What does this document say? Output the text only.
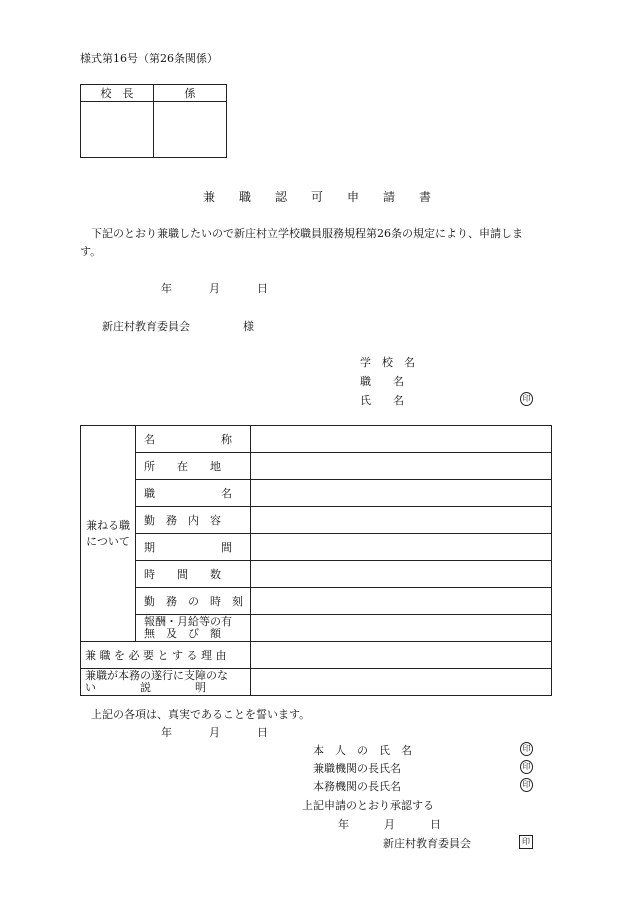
様式第16号（第26条関係）
校　長	係

兼　　職　　認　　可　　申　　請　　書
下記のとおり兼職したいので新庄村立学校職員服務規程第26条の規定により、申請しま
す。
年	月	日
新庄村教育委員会	様
学　校　名
職　　名
氏　　名	印
兼ねる職
について	名　　　　　　称	
	所　　在　　地	
	職　　　　　　名	
	勤　務　内　容	
	期　　　　　　間	
	時　　間　　数	
	勤　務　の　時　刻	

	報酬・月給等の有
無　及　び　額	

兼 職 を 必 要 と す る 理 由		

兼職が本務の遂行に支障のな
い　　　　説　　　　明		

上記の各項は、真実であることを誓います。
年	月	日
本　人　の　氏　名	印
兼職機関の長氏名	印
本務機関の長氏名	印
上記申請のとおり承認する
年	月	日
新庄村教育委員会	印
